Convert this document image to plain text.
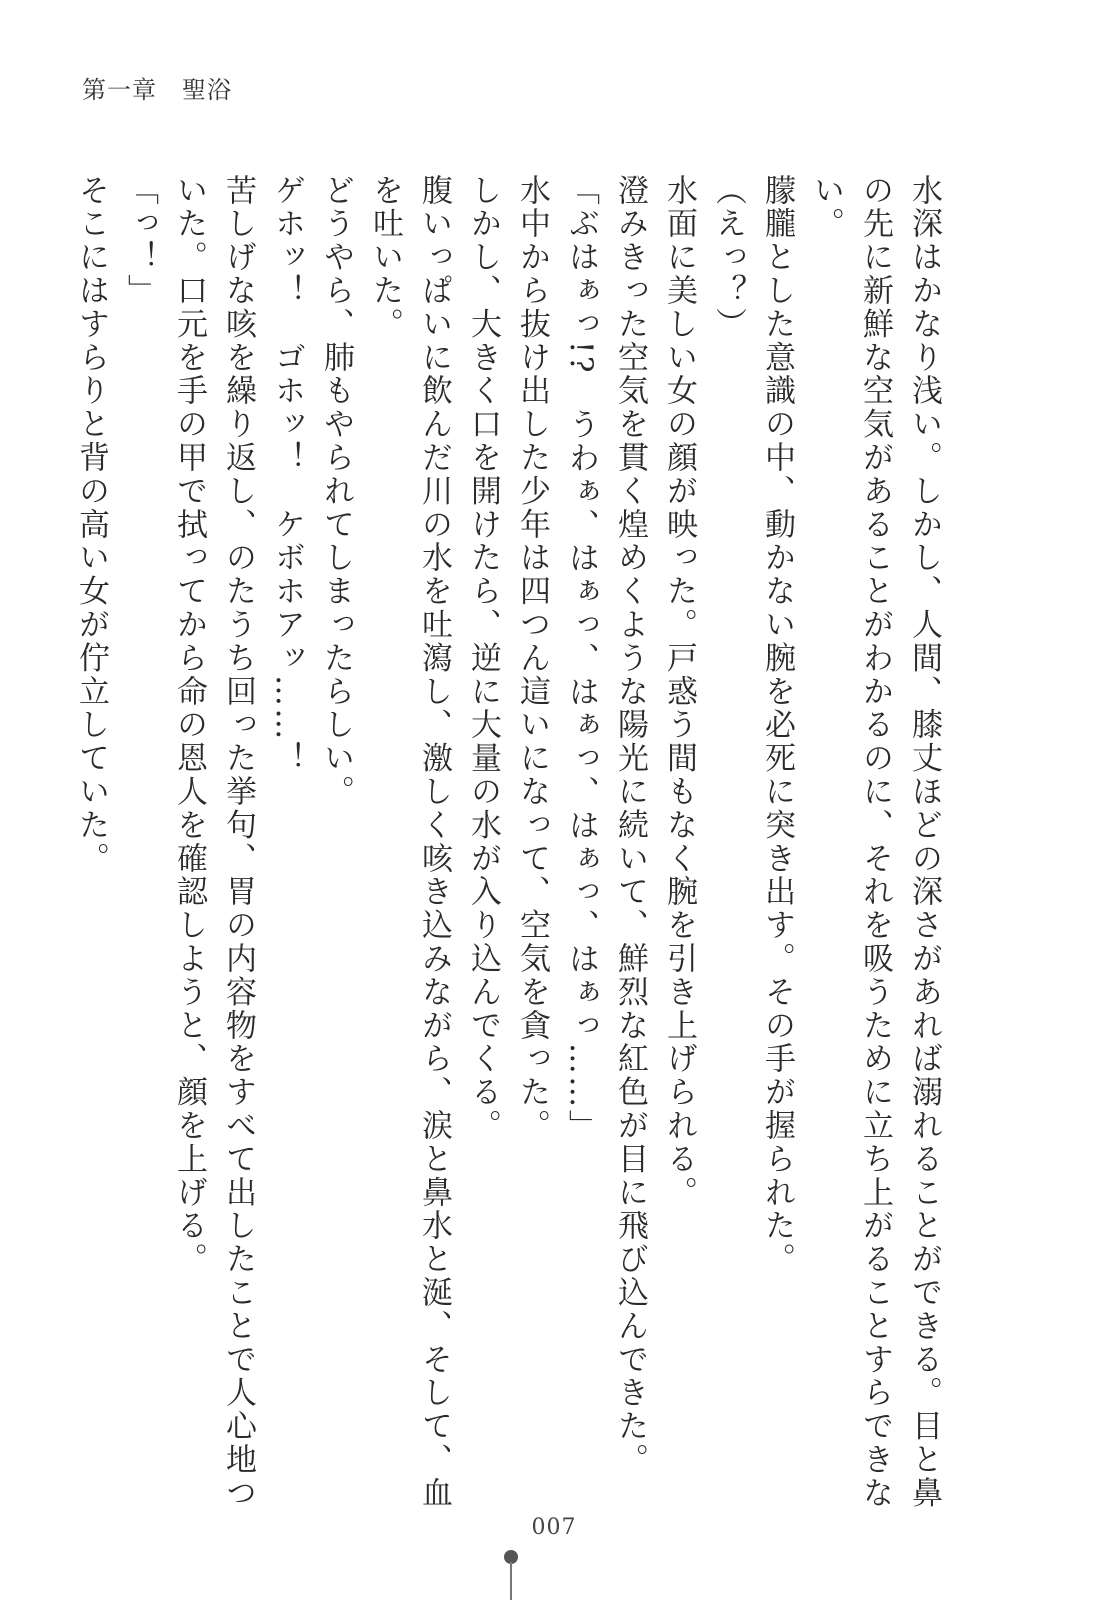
第一章　聖浴

水深はかなり浅い。しかし、人間、膝丈ほどの深さがあれば溺れることができる。目と鼻の先に新鮮な空気があることがわかるのに、それを吸うために立ち上がることすらできない。

朦朧とした意識の中、動かない腕を必死に突き出す。その手が握られた。

（えっ？）

水面に美しい女の顔が映った。戸惑う間もなく腕を引き上げられる。

澄みきった空気を貫く煌めくような陽光に続いて、鮮烈な紅色が目に飛び込んできた。

「ぶはぁっ!?　うわぁ、はぁっ、はぁっ、はぁっ、はぁっ……」

水中から抜け出した少年は四つん這いになって、空気を貪った。

しかし、大きく口を開けたら、逆に大量の水が入り込んでくる。

腹いっぱいに飲んだ川の水を吐瀉し、激しく咳き込みながら、涙と鼻水と涎、そして、血を吐いた。

どうやら、肺もやられてしまったらしい。

ゲホッ！　ゴホッ！　ケボホアッ……！

苦しげな咳を繰り返し、のたうち回った挙句、胃の内容物をすべて出したことで人心地ついた。口元を手の甲で拭ってから命の恩人を確認しようと、顔を上げる。

「っ！」

そこにはすらりと背の高い女が佇立していた。

007
